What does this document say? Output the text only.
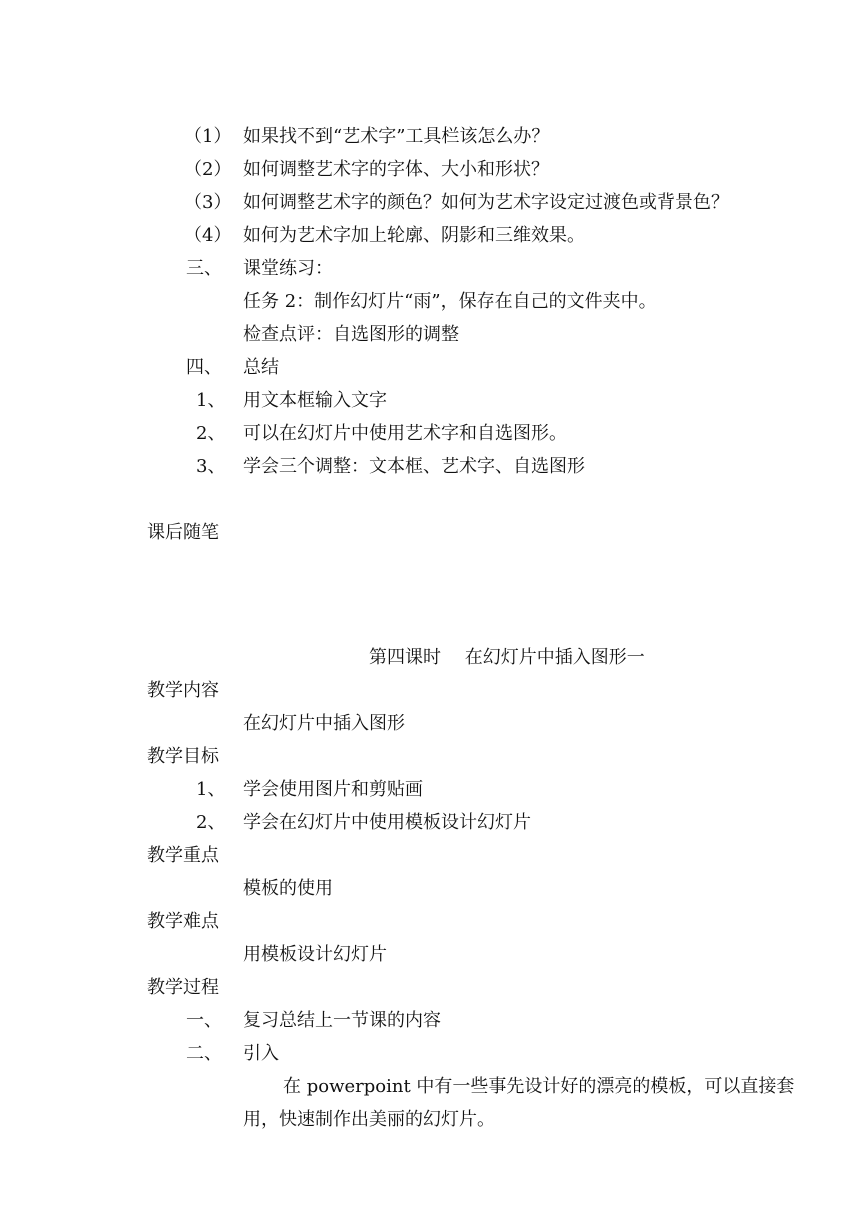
（1） 如果找不到“艺术字”工具栏该怎么办？
（2） 如何调整艺术字的字体、大小和形状？
（3） 如何调整艺术字的颜色？如何为艺术字设定过渡色或背景色？
（4） 如何为艺术字加上轮廓、阴影和三维效果。
三、 课堂练习：
任务 2：制作幻灯片“雨”，保存在自己的文件夹中。
检查点评：自选图形的调整
四、 总结
1、 用文本框输入文字
2、 可以在幻灯片中使用艺术字和自选图形。
3、 学会三个调整：文本框、艺术字、自选图形
课后随笔
第四课时　 在幻灯片中插入图形一
教学内容
在幻灯片中插入图形
教学目标
1、 学会使用图片和剪贴画
2、 学会在幻灯片中使用模板设计幻灯片
教学重点
模板的使用
教学难点
用模板设计幻灯片
教学过程
一、 复习总结上一节课的内容
二、 引入
在 powerpoint 中有一些事先设计好的漂亮的模板，可以直接套用，快速制作出美丽的幻灯片。
